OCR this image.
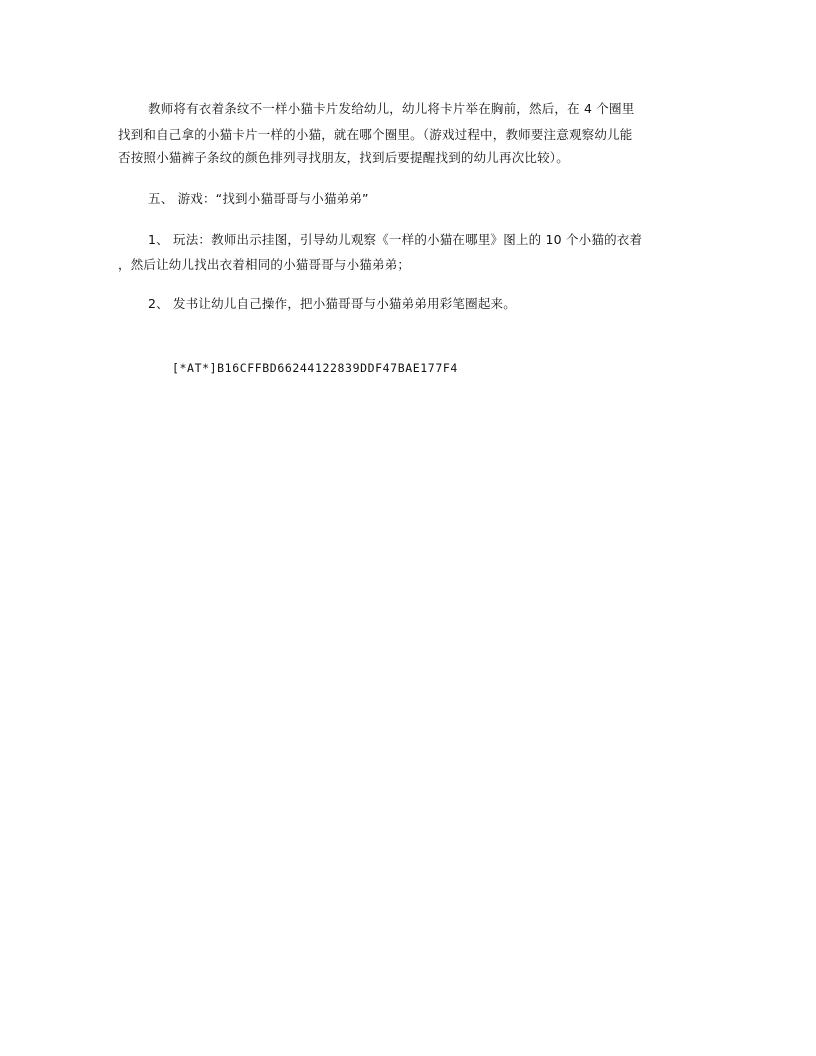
教师将有衣着条纹不一样小猫卡片发给幼儿，幼儿将卡片举在胸前，然后，在 4 个圈里
找到和自己拿的小猫卡片一样的小猫，就在哪个圈里。（游戏过程中，教师要注意观察幼儿能
否按照小猫裤子条纹的颜色排列寻找朋友，找到后要提醒找到的幼儿再次比较）。
五、 游戏：“找到小猫哥哥与小猫弟弟”
1、 玩法：教师出示挂图，引导幼儿观察《一样的小猫在哪里》图上的 10 个小猫的衣着
，然后让幼儿找出衣着相同的小猫哥哥与小猫弟弟；
2、 发书让幼儿自己操作，把小猫哥哥与小猫弟弟用彩笔圈起来。
[*AT*]B16CFFBD66244122839DDF47BAE177F4
